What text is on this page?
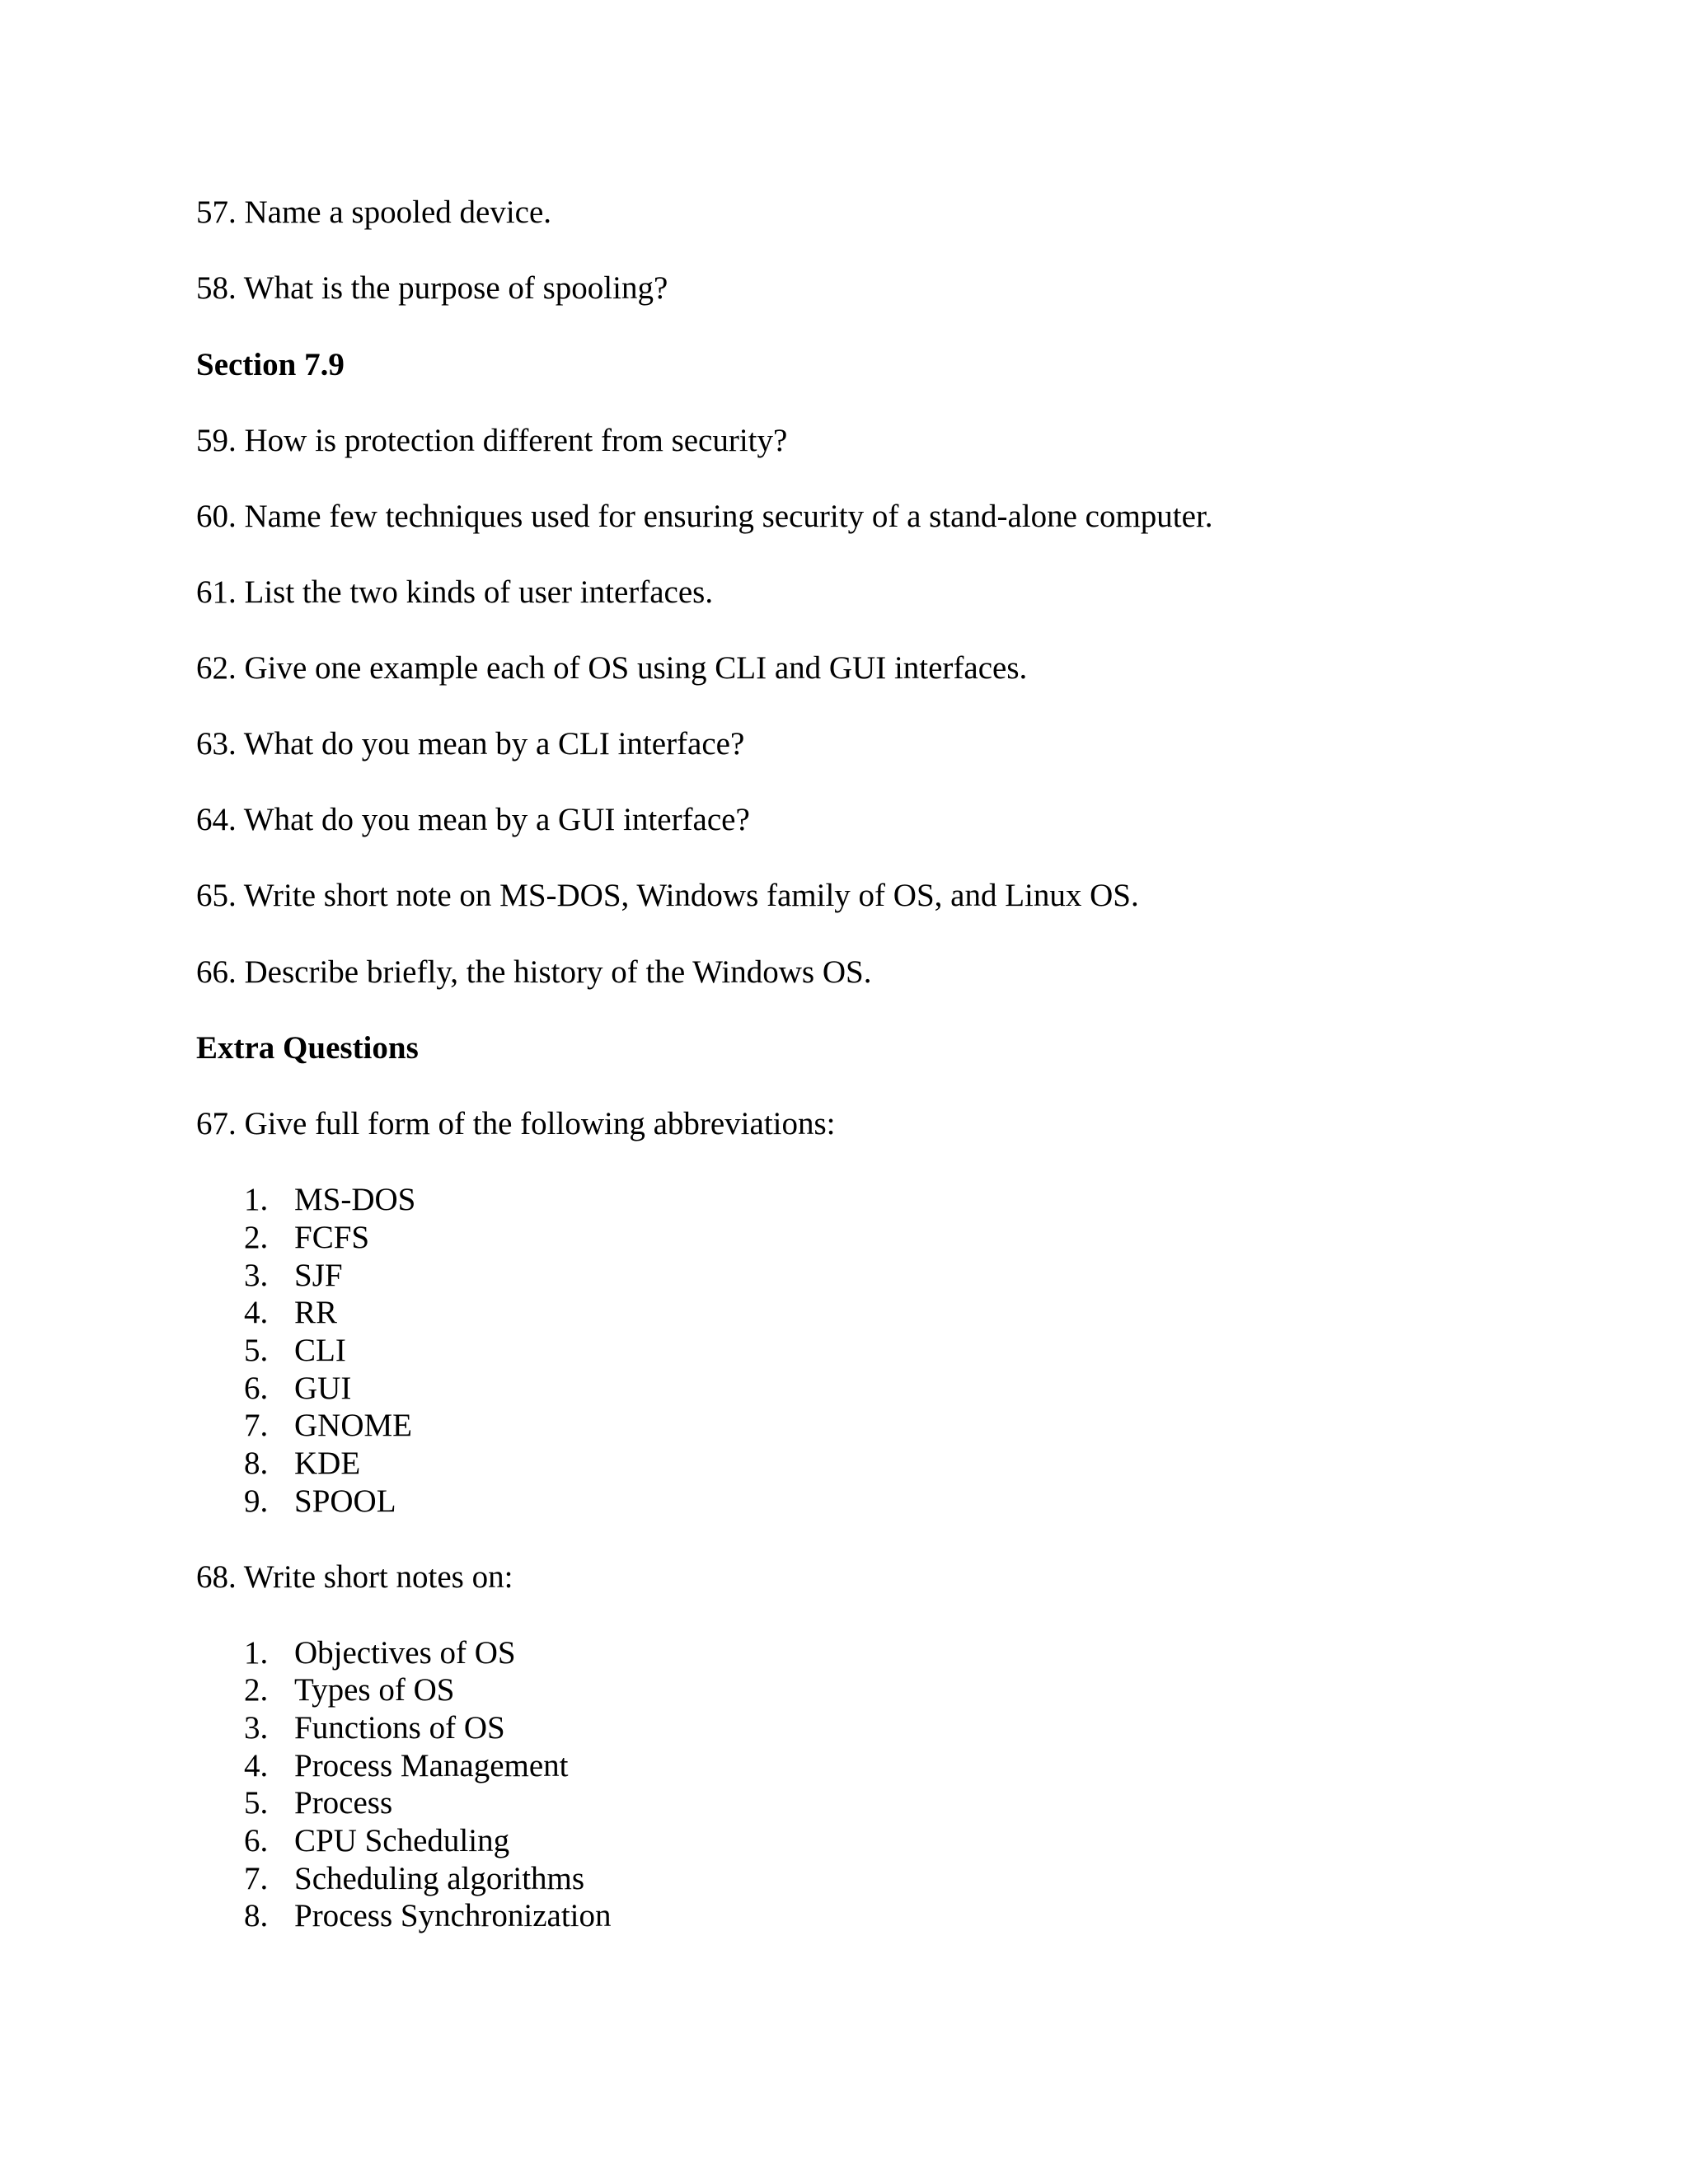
57. Name a spooled device.
58. What is the purpose of spooling?
Section 7.9
59. How is protection different from security?
60. Name few techniques used for ensuring security of a stand-alone computer.
61. List the two kinds of user interfaces.
62. Give one example each of OS using CLI and GUI interfaces.
63. What do you mean by a CLI interface?
64. What do you mean by a GUI interface?
65. Write short note on MS-DOS, Windows family of OS, and Linux OS.
66. Describe briefly, the history of the Windows OS.
Extra Questions
67. Give full form of the following abbreviations:
1. MS-DOS
2. FCFS
3. SJF
4. RR
5. CLI
6. GUI
7. GNOME
8. KDE
9. SPOOL
68. Write short notes on:
1. Objectives of OS
2. Types of OS
3. Functions of OS
4. Process Management
5. Process
6. CPU Scheduling
7. Scheduling algorithms
8. Process Synchronization
